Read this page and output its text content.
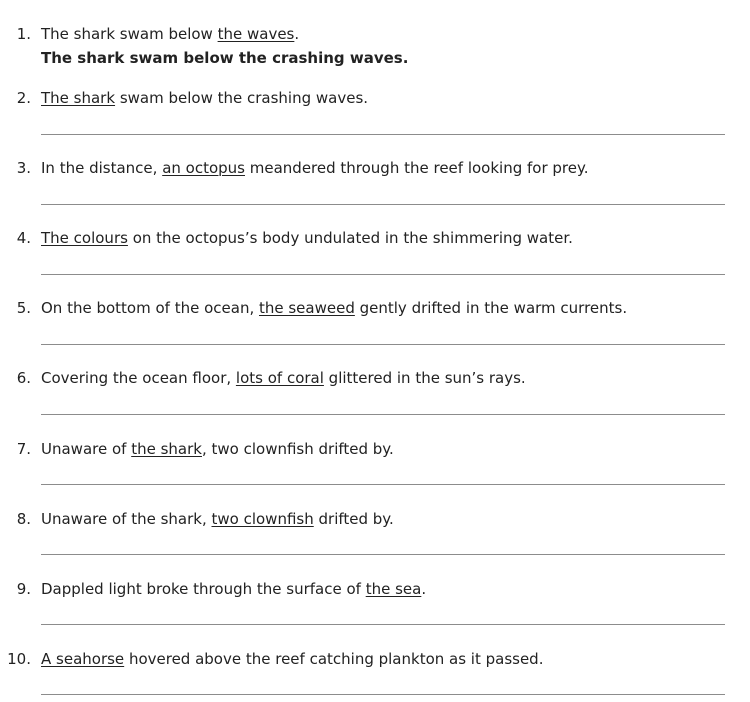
1. The shark swam below the waves.
The shark swam below the crashing waves.
2. The shark swam below the crashing waves.
3. In the distance, an octopus meandered through the reef looking for prey.
4. The colours on the octopus’s body undulated in the shimmering water.
5. On the bottom of the ocean, the seaweed gently drifted in the warm currents.
6. Covering the ocean floor, lots of coral glittered in the sun’s rays.
7. Unaware of the shark, two clownfish drifted by.
8. Unaware of the shark, two clownfish drifted by.
9. Dappled light broke through the surface of the sea.
10. A seahorse hovered above the reef catching plankton as it passed.
